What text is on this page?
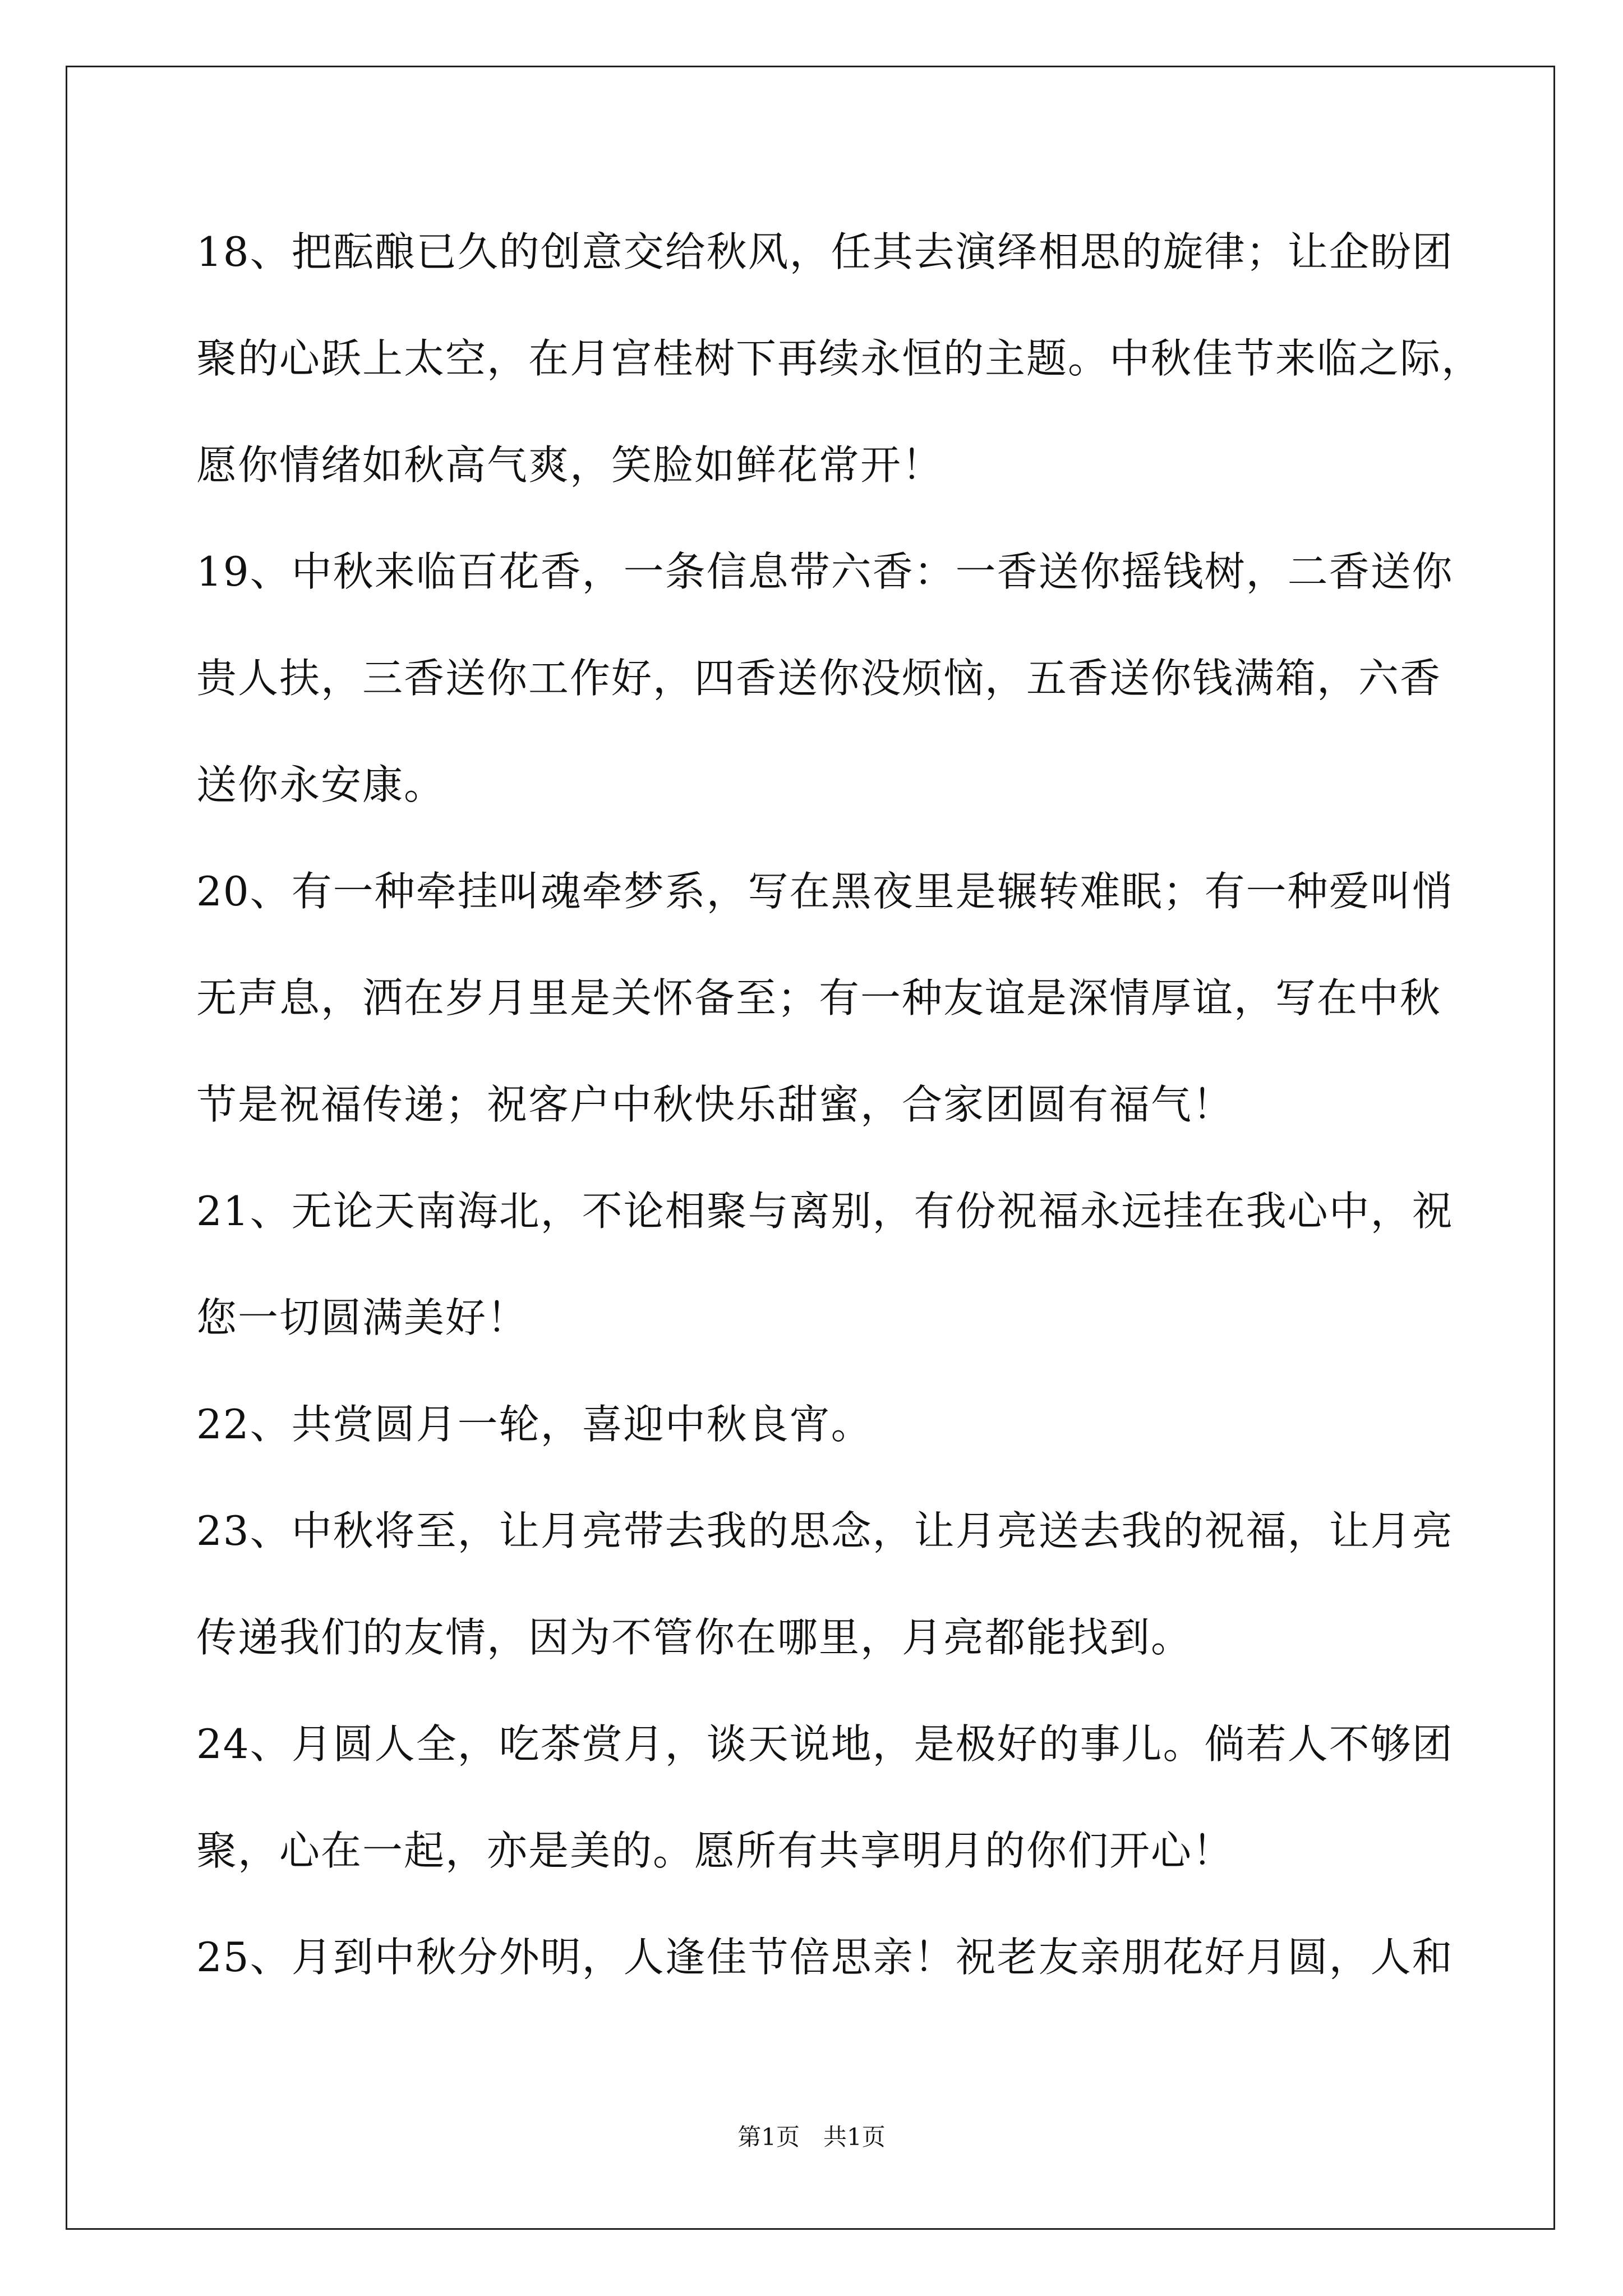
18、把酝酿已久的创意交给秋风，任其去演绎相思的旋律；让企盼团
聚的心跃上太空，在月宫桂树下再续永恒的主题。中秋佳节来临之际，
愿你情绪如秋高气爽，笑脸如鲜花常开！
19、中秋来临百花香，一条信息带六香：一香送你摇钱树，二香送你
贵人扶，三香送你工作好，四香送你没烦恼，五香送你钱满箱，六香
送你永安康。
20、有一种牵挂叫魂牵梦系，写在黑夜里是辗转难眠；有一种爱叫悄
无声息，洒在岁月里是关怀备至；有一种友谊是深情厚谊，写在中秋
节是祝福传递；祝客户中秋快乐甜蜜，合家团圆有福气！
21、无论天南海北，不论相聚与离别，有份祝福永远挂在我心中，祝
您一切圆满美好！
22、共赏圆月一轮，喜迎中秋良宵。
23、中秋将至，让月亮带去我的思念，让月亮送去我的祝福，让月亮
传递我们的友情，因为不管你在哪里，月亮都能找到。
24、月圆人全，吃茶赏月，谈天说地，是极好的事儿。倘若人不够团
聚，心在一起，亦是美的。愿所有共享明月的你们开心！
25、月到中秋分外明，人逢佳节倍思亲！祝老友亲朋花好月圆，人和
第1页　共1页
